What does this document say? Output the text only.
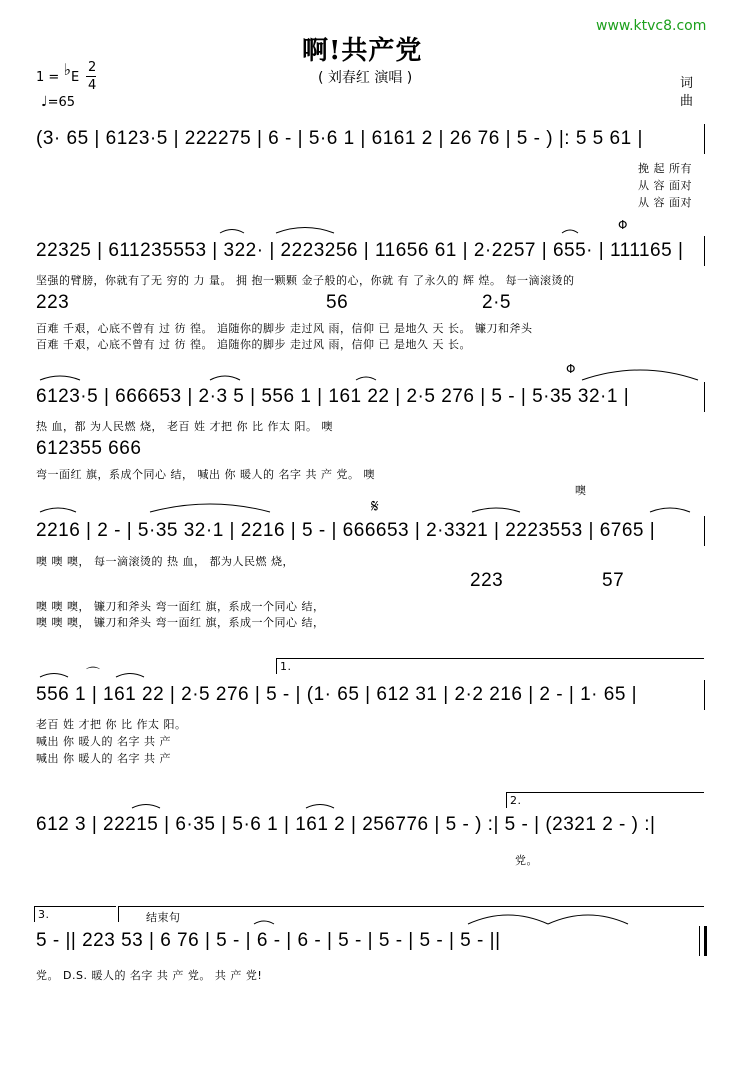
www.ktvc8.com
啊!共产党
( 刘春红 演唱 )	词
曲
1 = ♭E
2
4
♩=65
(3· 65 | 6123·5 | 222275 | 6 - | 5·6 1 | 6161 2 | 26 76 | 5 - ) |: 5 5 61 |
挽 起 所有
从 容 面对
从 容 面对
Φ
22325 | 611235553 | 322· | 2223256 | 11656 61 | 2·2257 | 655· | 111165 |
坚强的臂膀，你就有了无 穷的 力 量。 拥 抱一颗颗 金子般的心，你就 有 了永久的 辉 煌。 每一滴滚烫的
223	56	2·5
百难 千艰，心底不曾有 过 彷 徨。 追随你的脚步 走过风 雨，信仰 已 是地久 天 长。 镰刀和斧头
百难 千艰，心底不曾有 过 彷 徨。 追随你的脚步 走过风 雨，信仰 已 是地久 天 长。
Φ
6123·5 | 666653 | 2·3 5 | 556 1 | 161 22 | 2·5 276 | 5 - | 5·35 32·1 |
热 血，都 为人民燃 烧， 老百 姓 才把 你 比 作太 阳。 噢
612355 666
弯一面红 旗，系成个同心 结， 喊出 你 暖人的 名字 共 产 党。 噢
噢
𝄋
2216 | 2 - | 5·35 32·1 | 2216 | 5 - | 666653 | 2·3321 | 2223553 | 6765 |
噢 噢 噢， 每一滴滚烫的 热 血， 都为人民燃 烧，
223	57
噢 噢 噢， 镰刀和斧头 弯一面红 旗，系成一个同心 结，
噢 噢 噢， 镰刀和斧头 弯一面红 旗，系成一个同心 结，
1.
⌒
556 1 | 161 22 | 2·5 276 | 5 - | (1· 65 | 612 31 | 2·2 216 | 2 - | 1· 65 |
老百 姓 才把 你 比 作太 阳。
喊出 你 暖人的 名字 共 产
喊出 你 暖人的 名字 共 产
2.
612 3 | 22215 | 6·35 | 5·6 1 | 161 2 | 256776 | 5 - ) :| 5 - | (2321 2 - ) :|
党。
3.	结束句
5 - || 223 53 | 6 76 | 5 - | 6 - | 6 - | 5 - | 5 - | 5 - | 5 - ||
党。 D.S. 暖人的 名字 共 产 党。 共 产 党!
